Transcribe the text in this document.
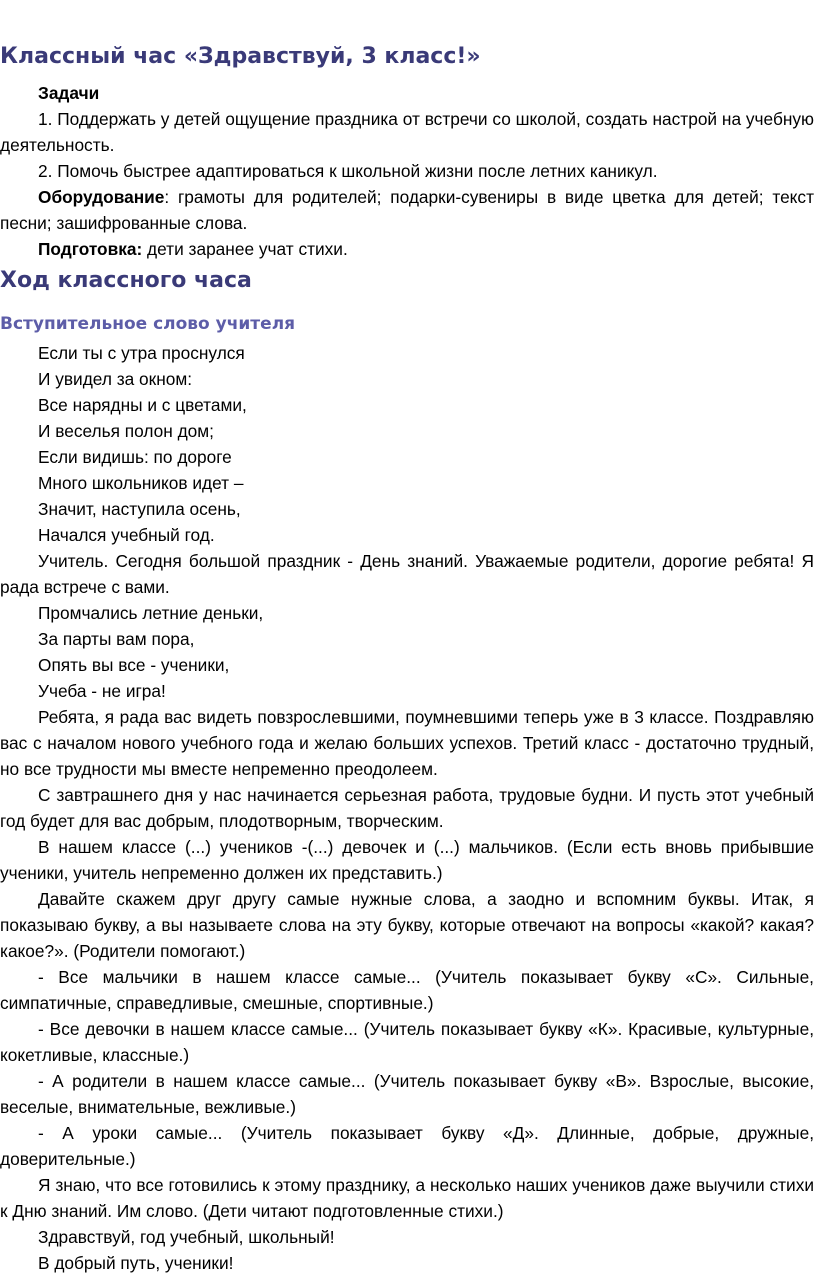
Классный час «Здравствуй, 3 класс!»

Задачи

1. Поддержать у детей ощущение праздника от встречи со школой, создать настрой на учебную деятельность.

2. Помочь быстрее адаптироваться к школьной жизни после летних каникул.

Оборудование: грамоты для родителей; подарки-сувениры в виде цветка для детей; текст песни; зашифрованные слова.

Подготовка: дети заранее учат стихи.

Ход классного часа
Вступительное слово учителя
Если ты с утра проснулся
И увидел за окном:
Все нарядны и с цветами,
И веселья полон дом;
Если видишь: по дороге
Много школьников идет –
Значит, наступила осень,
Начался учебный год.

Учитель. Сегодня большой праздник - День знаний. Уважаемые родители, дорогие ребята! Я рада встрече с вами.

Промчались летние деньки,
За парты вам пора,
Опять вы все - ученики,
Учеба - не игра!

Ребята, я рада вас видеть повзрослевшими, поумневшими теперь уже в 3 классе. Поздравляю вас с началом нового учебного года и желаю больших успехов. Третий класс - достаточно трудный, но все трудности мы вместе непременно преодолеем.

С завтрашнего дня у нас начинается серьезная работа, трудовые будни. И пусть этот учебный год будет для вас добрым, плодотворным, творческим.

В нашем классе (...) учеников -(...) девочек и (...) мальчиков. (Если есть вновь прибывшие ученики, учитель непременно должен их представить.)

Давайте скажем друг другу самые нужные слова, а заодно и вспомним буквы. Итак, я показываю букву, а вы называете слова на эту букву, которые отвечают на вопросы «какой? какая? какое?». (Родители помогают.)

- Все мальчики в нашем классе самые... (Учитель показывает букву «С». Сильные, симпатичные, справедливые, смешные, спортивные.)

- Все девочки в нашем классе самые... (Учитель показывает букву «К». Красивые, культурные, кокетливые, классные.)

- А родители в нашем классе самые... (Учитель показывает букву «В». Взрослые, высокие, веселые, внимательные, вежливые.)

- А уроки самые... (Учитель показывает букву «Д». Длинные, добрые, дружные, доверительные.)

Я знаю, что все готовились к этому празднику, а несколько наших учеников даже выучили стихи к Дню знаний. Им слово. (Дети читают подготовленные стихи.)

Здравствуй, год учебный, школьный!
В добрый путь, ученики!
